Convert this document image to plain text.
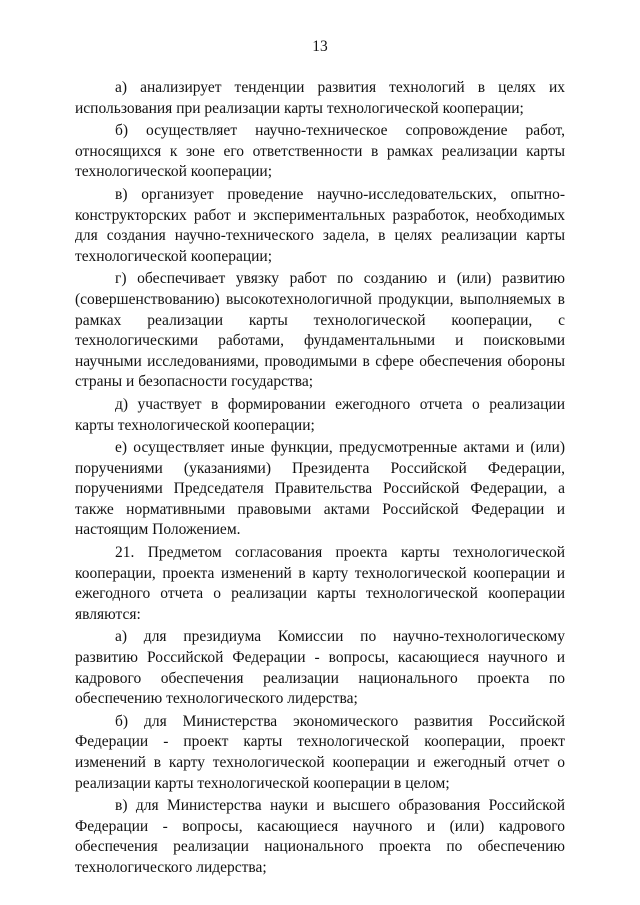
13

а) анализирует тенденции развития технологий в целях их использования при реализации карты технологической кооперации;

б) осуществляет научно-техническое сопровождение работ, относящихся к зоне его ответственности в рамках реализации карты технологической кооперации;

в) организует проведение научно-исследовательских, опытно-конструкторских работ и экспериментальных разработок, необходимых для создания научно-технического задела, в целях реализации карты технологической кооперации;

г) обеспечивает увязку работ по созданию и (или) развитию (совершенствованию) высокотехнологичной продукции, выполняемых в рамках реализации карты технологической кооперации, с технологическими работами, фундаментальными и поисковыми научными исследованиями, проводимыми в сфере обеспечения обороны страны и безопасности государства;

д) участвует в формировании ежегодного отчета о реализации карты технологической кооперации;

е) осуществляет иные функции, предусмотренные актами и (или) поручениями (указаниями) Президента Российской Федерации, поручениями Председателя Правительства Российской Федерации, а также нормативными правовыми актами Российской Федерации и настоящим Положением.

21. Предметом согласования проекта карты технологической кооперации, проекта изменений в карту технологической кооперации и ежегодного отчета о реализации карты технологической кооперации являются:

а) для президиума Комиссии по научно-технологическому развитию Российской Федерации - вопросы, касающиеся научного и кадрового обеспечения реализации национального проекта по обеспечению технологического лидерства;

б) для Министерства экономического развития Российской Федерации - проект карты технологической кооперации, проект изменений в карту технологической кооперации и ежегодный отчет о реализации карты технологической кооперации в целом;

в) для Министерства науки и высшего образования Российской Федерации - вопросы, касающиеся научного и (или) кадрового обеспечения реализации национального проекта по обеспечению технологического лидерства;
